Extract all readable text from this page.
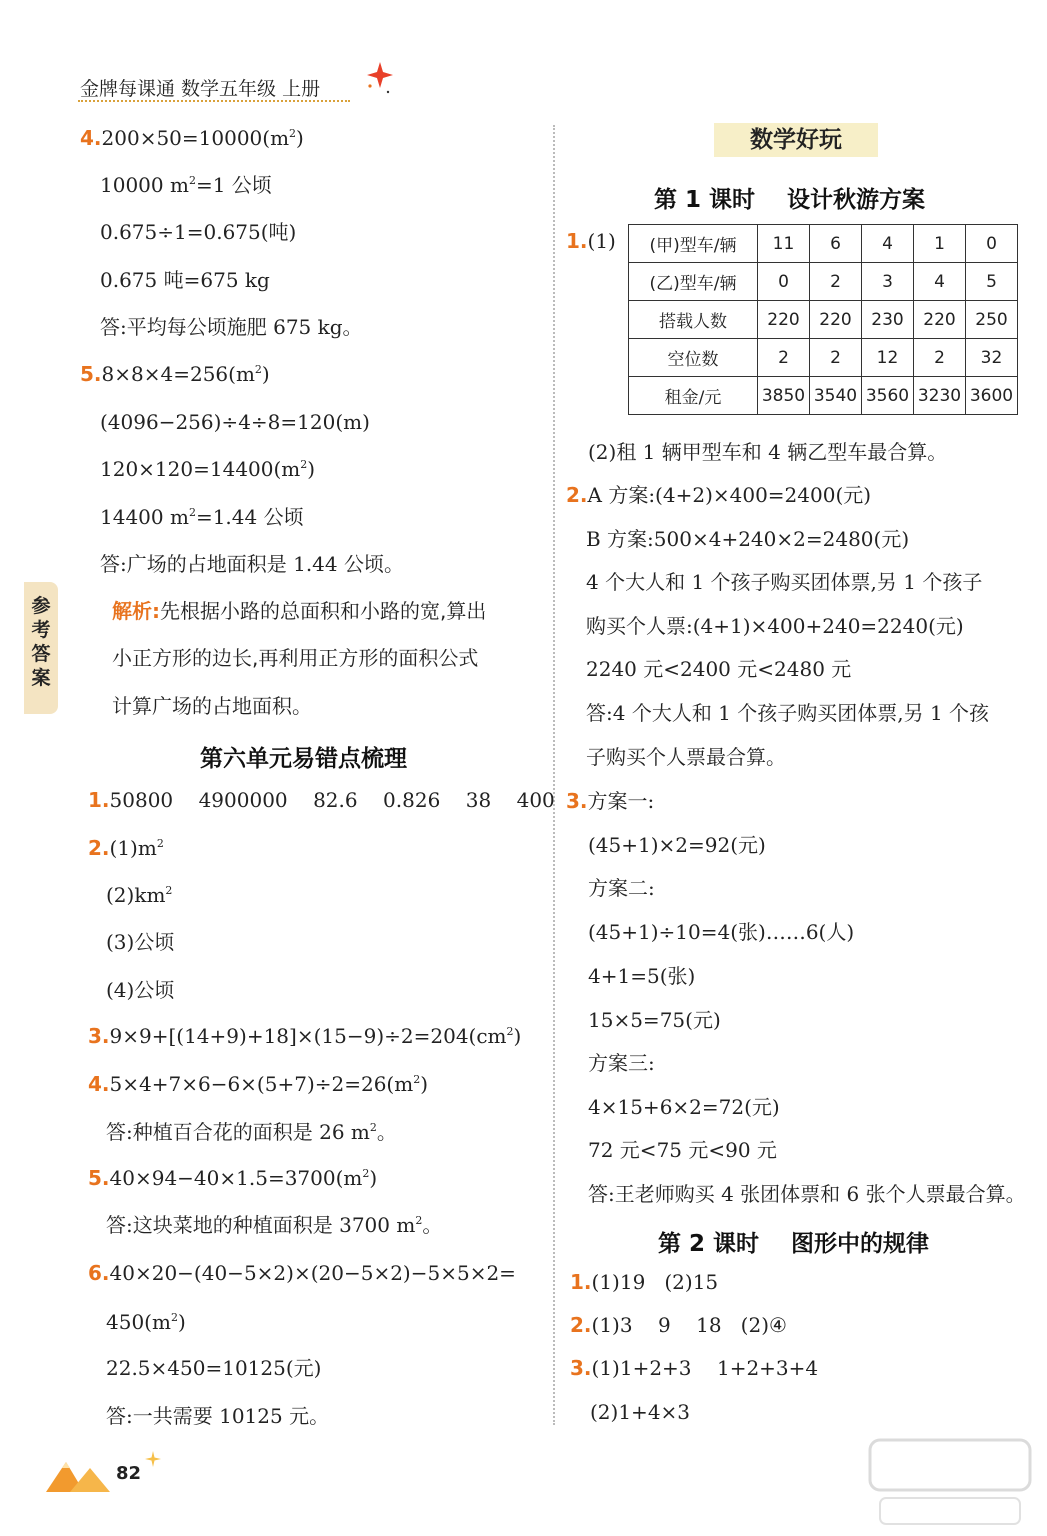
金牌每课通 数学五年级 上册
参考答案
$4.200\times 50=10000(m^2)$
10000 $m^2=1$ 公顷
0.675÷1=0.675(吨)
0.675 吨=675 kg
答:平均每公顷施肥 675 kg。
$5.8\times 8\times 4=256(m^2)$
(4096−256)÷4÷8=120(m)
$120\times 120=14400(m^2)$
14400 $m^2=1.44$ 公顷
答:广场的占地面积是 1.44 公顷。
解析:先根据小路的总面积和小路的宽,算出
小正方形的边长,再利用正方形的面积公式
计算广场的占地面积。
第六单元易错点梳理
1.50800    4900000    82.6    0.826    38    400
$2.(1)m^2$
$(2)km^2$
(3)公顷
(4)公顷
$3.9\times 9+[(14+9)+18]\times(15-9)\div 2=204(cm^2)$
$4.5\times 4+7\times 6-6\times(5+7)\div 2=26(m^2)$
答:种植百合花的面积是 26 $m^2$。
$5.40\times 94-40\times 1.5=3700(m^2)$
答:这块菜地的种植面积是 3700 $m^2$。
6.40×20−(40−5×2)×(20−5×2)−5×5×2=
$450(m^2)$
22.5×450=10125(元)
答:一共需要 10125 元。
数学好玩
第 1 课时    设计秋游方案
1.(1) (甲)型车/辆	11	6	4	1	0
(乙)型车/辆	0	2	3	4	5
搭载人数	220	220	230	220	250
空位数	2	2	12	2	32
租金/元	3850	3540	3560	3230	3600
(2)租 1 辆甲型车和 4 辆乙型车最合算。
2.A 方案:(4+2)×400=2400(元)
B 方案:500×4+240×2=2480(元)
4 个大人和 1 个孩子购买团体票,另 1 个孩子
购买个人票:(4+1)×400+240=2240(元)
2240 元<2400 元<2480 元
答:4 个大人和 1 个孩子购买团体票,另 1 个孩
子购买个人票最合算。
3.方案一:
(45+1)×2=92(元)
方案二:
(45+1)÷10=4(张)……6(人)
4+1=5(张)
15×5=75(元)
方案三:
4×15+6×2=72(元)
72 元<75 元<90 元
答:王老师购买 4 张团体票和 6 张个人票最合算。
第 2 课时    图形中的规律
1.(1)19   (2)15
2.(1)3    9    18   (2)④
3.(1)1+2+3    1+2+3+4
(2)1+4×3
82
